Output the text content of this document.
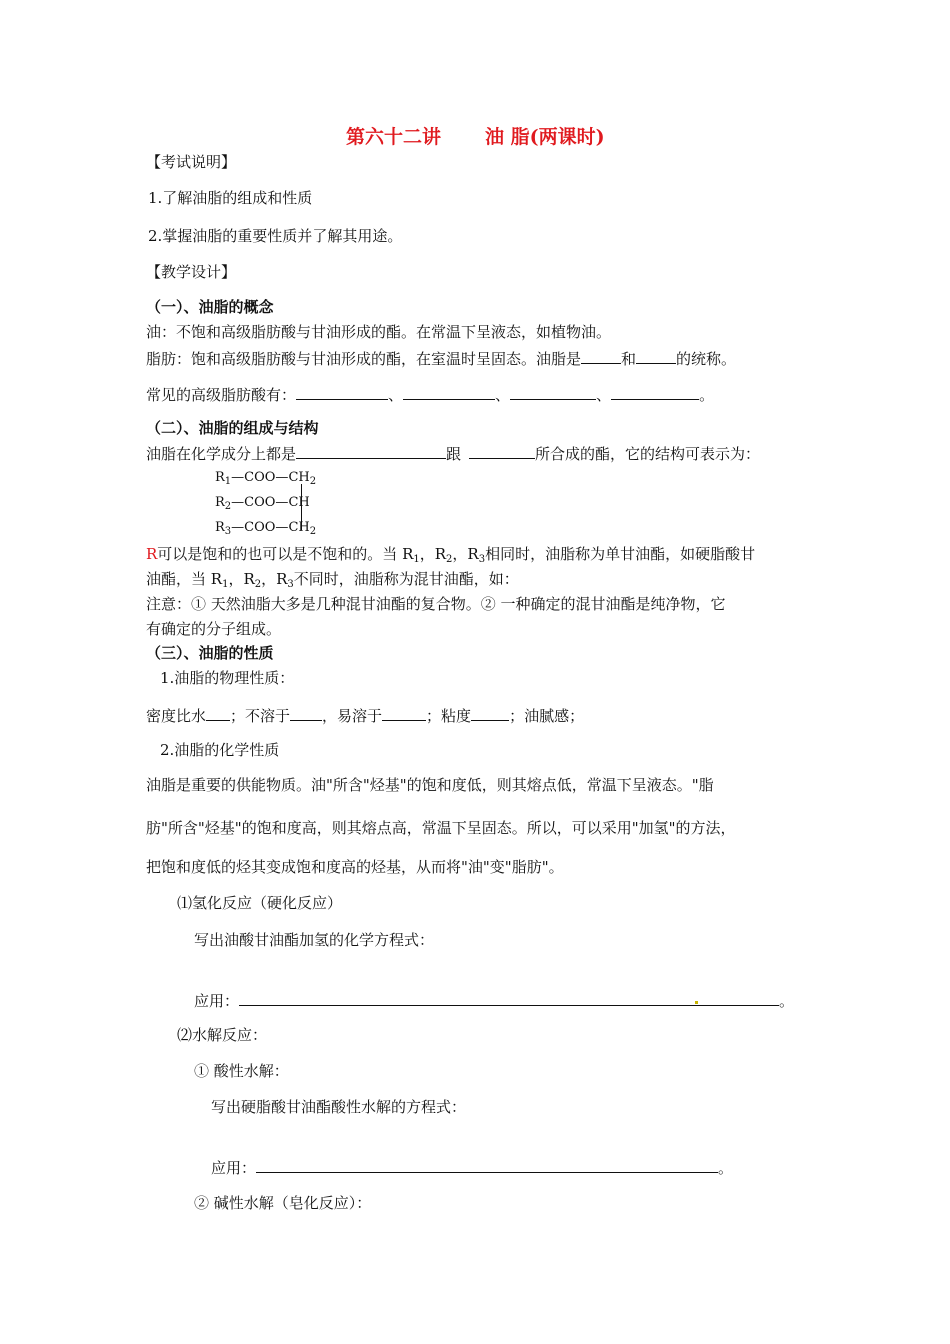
第六十二讲 油 脂(两课时)
【考试说明】
1.了解油脂的组成和性质
2.掌握油脂的重要性质并了解其用途。
【教学设计】
（一）、油脂的概念
油：不饱和高级脂肪酸与甘油形成的酯。在常温下呈液态，如植物油。
脂肪：饱和高级脂肪酸与甘油形成的酯，在室温时呈固态。油脂是	和	的统称。
常见的高级脂肪酸有：	、	、	、	。
（二）、油脂的组成与结构
油脂在化学成分上都是	跟	所合成的酯，它的结构可表示为：
$R_1—COO—CH_2$
$R_2—COO—CH$
$R_3—COO—CH_2$
R可以是饱和的也可以是不饱和的。当 $R_1$，$R_2$，$R_3$相同时，油脂称为单甘油酯，如硬脂酸甘
油酯，当 $R_1$，$R_2$，$R_3$不同时，油脂称为混甘油酯，如：
注意：① 天然油脂大多是几种混甘油酯的复合物。② 一种确定的混甘油酯是纯净物，它
有确定的分子组成。
（三）、油脂的性质
1.油脂的物理性质：
密度比水 ；不溶于 ，易溶于	；粘度	；油腻感；
2.油脂的化学性质
油脂是重要的供能物质。油"所含"烃基"的饱和度低，则其熔点低，常温下呈液态。"脂
肪"所含"烃基"的饱和度高，则其熔点高，常温下呈固态。所以，可以采用"加氢"的方法，
把饱和度低的烃其变成饱和度高的烃基，从而将"油"变"脂肪"。
⑴氢化反应（硬化反应）
写出油酸甘油酯加氢的化学方程式：
应用：	。
⑵水解反应：
① 酸性水解：
写出硬脂酸甘油酯酸性水解的方程式：
应用：	。
② 碱性水解（皂化反应）：
